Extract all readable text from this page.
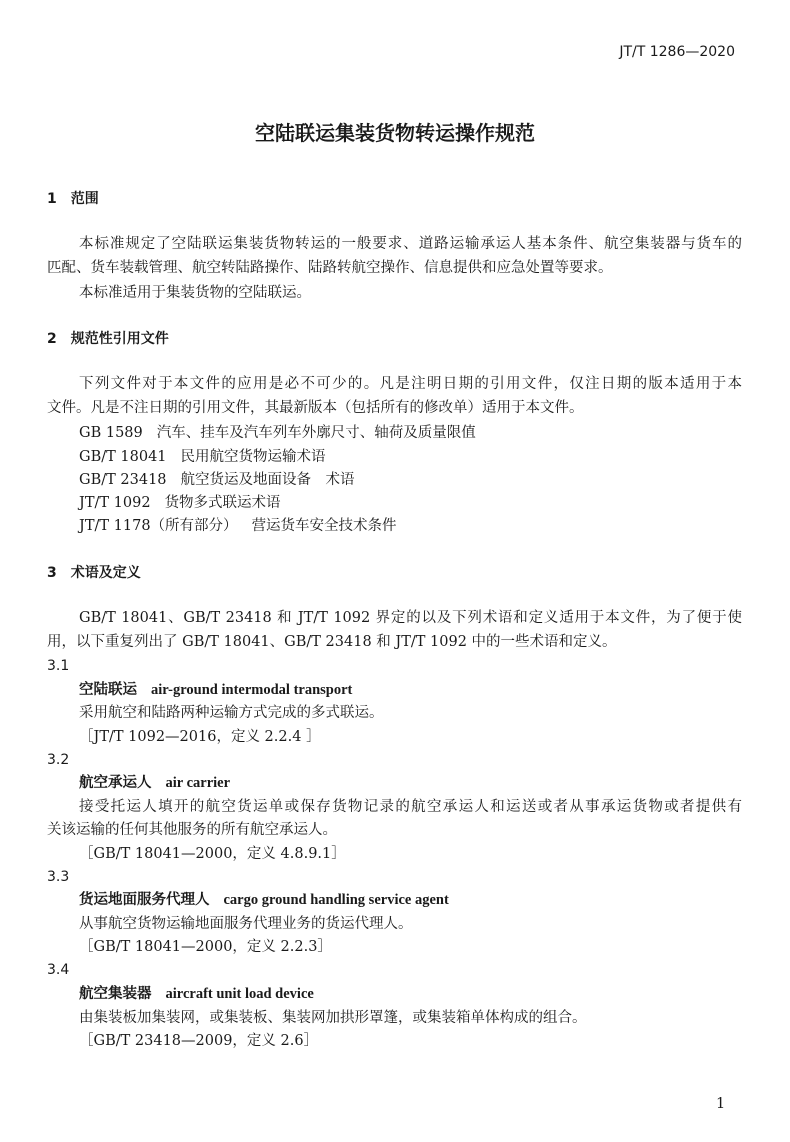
JT/T 1286—2020
空陆联运集装货物转运操作规范
1　范围
本标准规定了空陆联运集装货物转运的一般要求、道路运输承运人基本条件、航空集装器与货车的
匹配、货车装载管理、航空转陆路操作、陆路转航空操作、信息提供和应急处置等要求。
本标准适用于集装货物的空陆联运。
2　规范性引用文件
下列文件对于本文件的应用是必不可少的。凡是注明日期的引用文件，仅注日期的版本适用于本
文件。凡是不注日期的引用文件，其最新版本（包括所有的修改单）适用于本文件。
GB 1589 汽车、挂车及汽车列车外廓尺寸、轴荷及质量限值
GB/T 18041 民用航空货物运输术语
GB/T 23418 航空货运及地面设备　术语
JT/T 1092 货物多式联运术语
JT/T 1178（所有部分） 营运货车安全技术条件
3　术语及定义
GB/T 18041、GB/T 23418 和 JT/T 1092 界定的以及下列术语和定义适用于本文件，为了便于使
用，以下重复列出了 GB/T 18041、GB/T 23418 和 JT/T 1092 中的一些术语和定义。
3.1
空陆联运 air-ground intermodal transport
采用航空和陆路两种运输方式完成的多式联运。
［JT/T 1092—2016，定义 2.2.4 ］
3.2
航空承运人 air carrier
接受托运人填开的航空货运单或保存货物记录的航空承运人和运送或者从事承运货物或者提供有
关该运输的任何其他服务的所有航空承运人。
［GB/T 18041—2000，定义 4.8.9.1］
3.3
货运地面服务代理人 cargo ground handling service agent
从事航空货物运输地面服务代理业务的货运代理人。
［GB/T 18041—2000，定义 2.2.3］
3.4
航空集装器 aircraft unit load device
由集装板加集装网，或集装板、集装网加拱形罩篷，或集装箱单体构成的组合。
［GB/T 23418—2009，定义 2.6］
1
